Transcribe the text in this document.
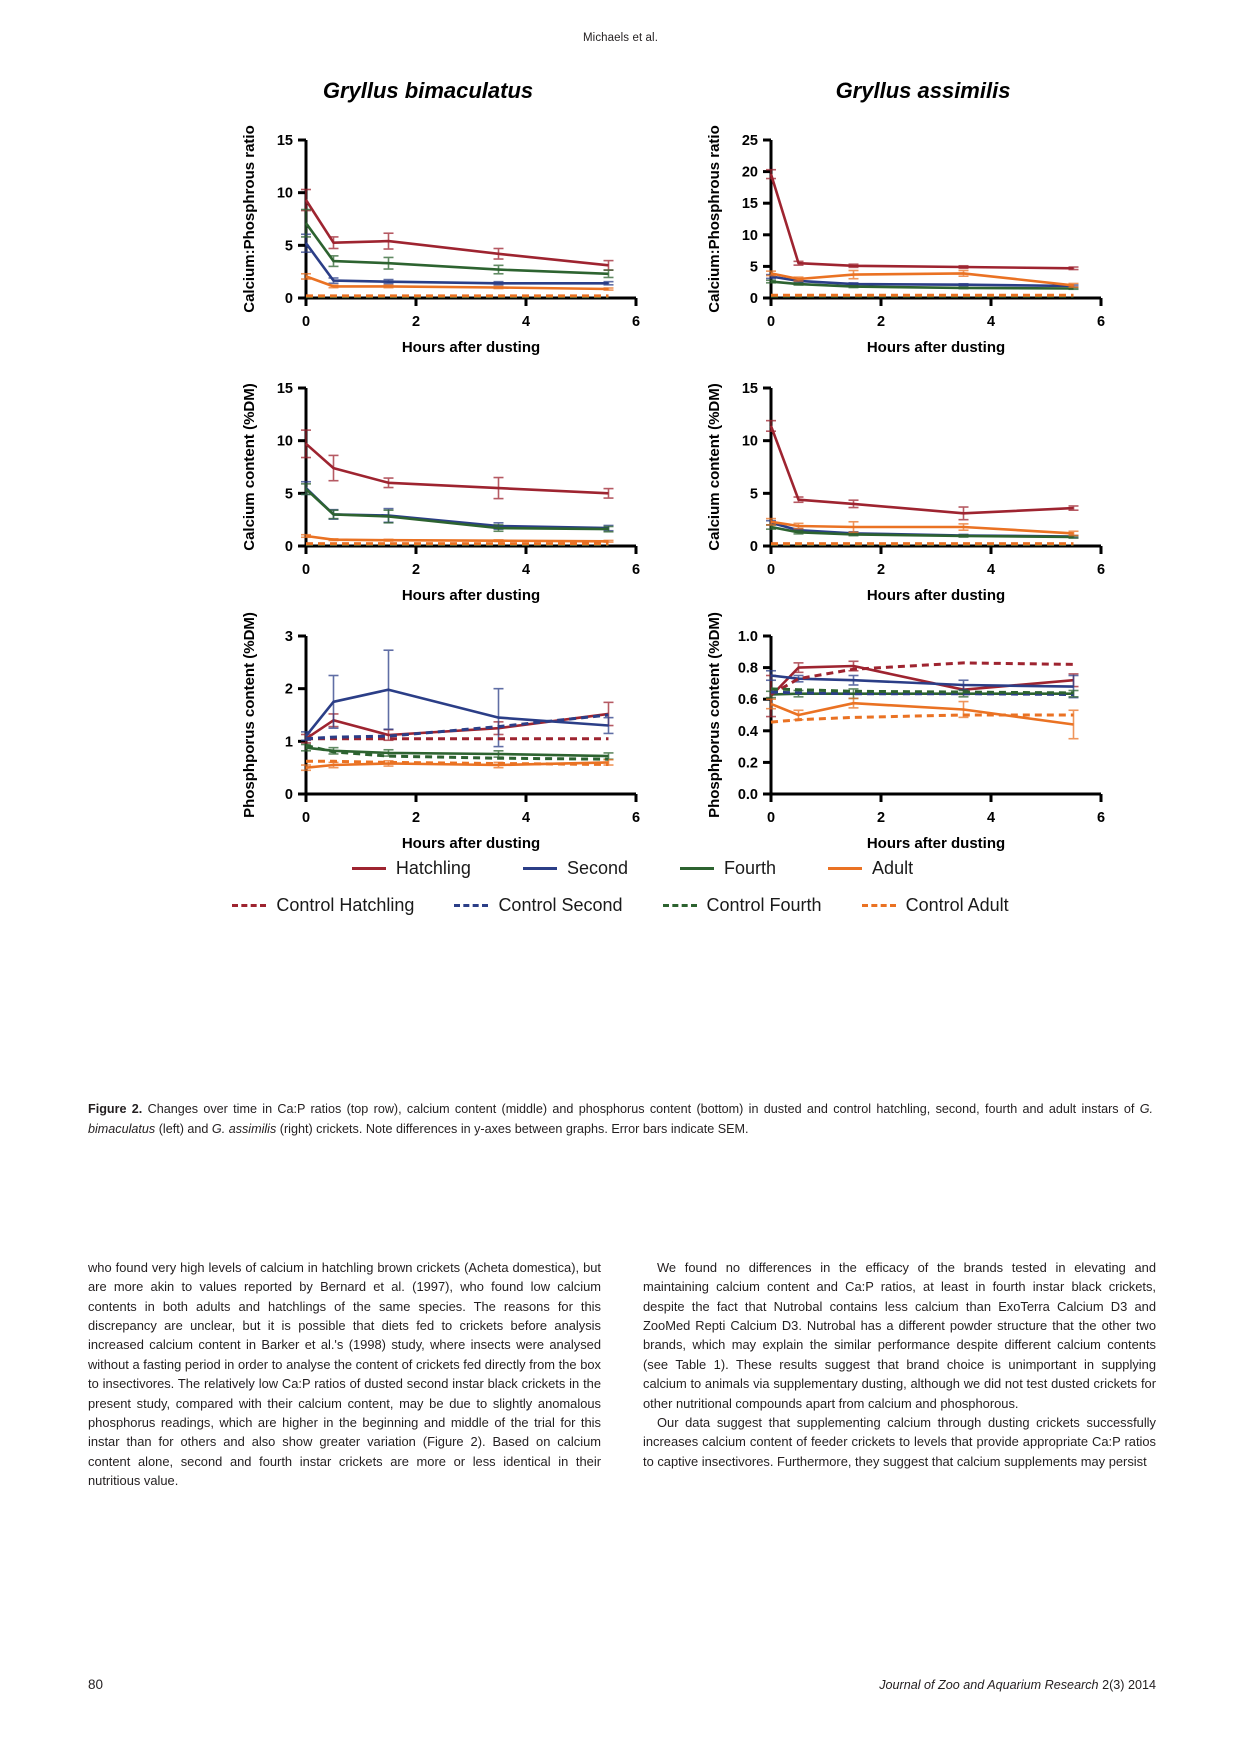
Michaels et al.
Gryllus bimaculatus	Gryllus assimilis
0
5
10
15
0	2	4	6
Hours after dusting
Calcium:Phosphrous ratio	0
5
10
15
20
25
0	2	4	6
Hours after dusting
Calcium:Phosphrous ratio
0
5
10
15
0	2	4	6
Hours after dusting
Calcium content (%DM)	0
5
10
15
0	2	4	6
Hours after dusting
Calcium content (%DM)
0
1
2
3
0	2	4	6
Hours after dusting
Phosphporus content (%DM)	0.0
0.2
0.4
0.6
0.8
1.0
0	2	4	6
Hours after dusting
Phosphporus content (%DM)
Hatchling	Second	Fourth	Adult
Control Hatchling	Control Second	Control Fourth	Control Adult
Figure 2. Changes over time in Ca:P ratios (top row), calcium content (middle) and phosphorus content (bottom) in dusted and control hatchling, second, fourth and adult instars of G. bimaculatus (left) and G. assimilis (right) crickets. Note differences in y-axes between graphs. Error bars indicate SEM.

who found very high levels of calcium in hatchling brown crickets (Acheta domestica), but are more akin to values reported by Bernard et al. (1997), who found low calcium contents in both adults and hatchlings of the same species. The reasons for this discrepancy are unclear, but it is possible that diets fed to crickets before analysis increased calcium content in Barker et al.'s (1998) study, where insects were analysed without a fasting period in order to analyse the content of crickets fed directly from the box to insectivores. The relatively low Ca:P ratios of dusted second instar black crickets in the present study, compared with their calcium content, may be due to slightly anomalous phosphorus readings, which are higher in the beginning and middle of the trial for this instar than for others and also show greater variation (Figure 2). Based on calcium content alone, second and fourth instar crickets are more or less identical in their nutritious value.

We found no differences in the efficacy of the brands tested in elevating and maintaining calcium content and Ca:P ratios, at least in fourth instar black crickets, despite the fact that Nutrobal contains less calcium than ExoTerra Calcium D3 and ZooMed Repti Calcium D3. Nutrobal has a different powder structure that the other two brands, which may explain the similar performance despite different calcium contents (see Table 1). These results suggest that brand choice is unimportant in supplying calcium to animals via supplementary dusting, although we did not test dusted crickets for other nutritional compounds apart from calcium and phosphorous.

Our data suggest that supplementing calcium through dusting crickets successfully increases calcium content of feeder crickets to levels that provide appropriate Ca:P ratios to captive insectivores. Furthermore, they suggest that calcium supplements may persist

80	Journal of Zoo and Aquarium Research 2(3) 2014
